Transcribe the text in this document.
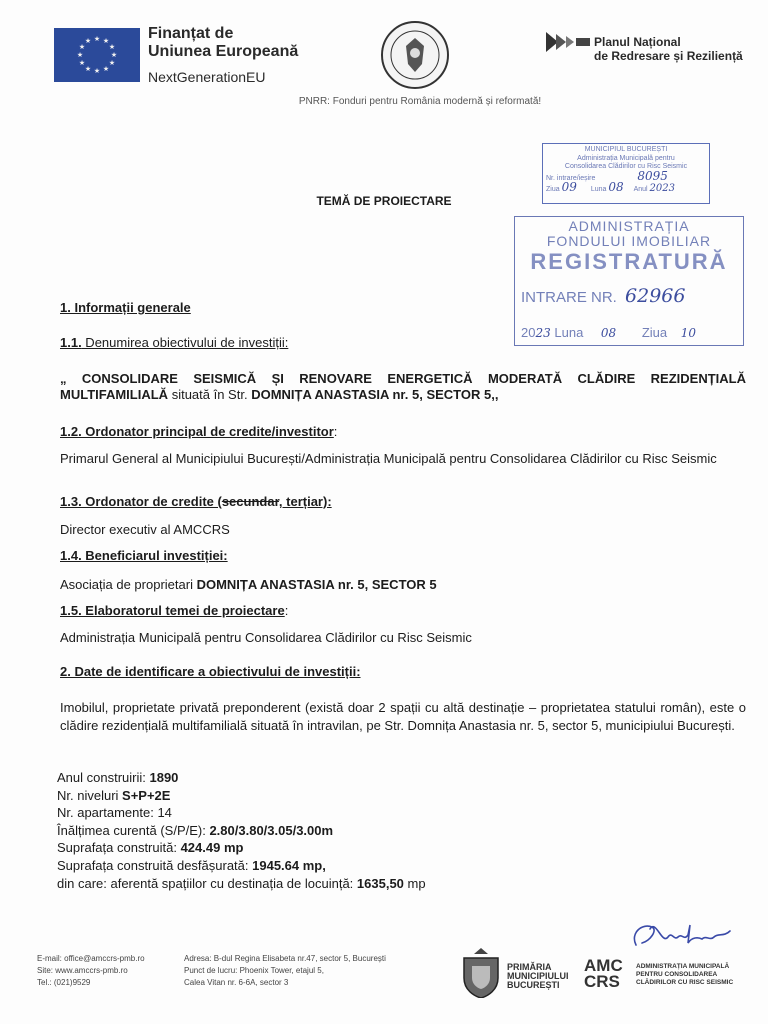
★ ★
★
★
★
★
★
★
★
★
★
★	Finanțat de
Uniunea Europeană
NextGenerationEU
Planul Național
de Redresare și Reziliență
PNRR: Fonduri pentru România modernă și reformată!
MUNICIPIUL BUCUREȘTI
Administrația Municipală pentru
Consolidarea Clădirilor cu Risc Seismic
Nr. intrare/ieșire	8095
Ziua 09 Luna 08 Anul 2023
ADMINISTRAȚIA
FONDULUI IMOBILIAR
REGISTRATURĂ
INTRARE NR. 62966
2023 Luna 08 Ziua 10
TEMĂ DE PROIECTARE
1. Informații generale
1.1. Denumirea obiectivului de investiții:
„ CONSOLIDARE SEISMICĂ ȘI RENOVARE ENERGETICĂ MODERATĂ CLĂDIRE REZIDENȚIALĂ
MULTIFAMILIALĂ situată în Str. DOMNIȚA ANASTASIA nr. 5, SECTOR 5,,
1.2. Ordonator principal de credite/investitor:
Primarul General al Municipiului București/Administrația Municipală pentru Consolidarea Clădirilor cu Risc Seismic
1.3. Ordonator de credite (secundar, terțiar):
Director executiv al AMCCRS
1.4. Beneficiarul investiției:
Asociația de proprietari DOMNIȚA ANASTASIA nr. 5, SECTOR 5
1.5. Elaboratorul temei de proiectare:
Administrația Municipală pentru Consolidarea Clădirilor cu Risc Seismic
2. Date de identificare a obiectivului de investiții:
Imobilul, proprietate privată preponderent (există doar 2 spații cu altă destinație – proprietatea statului român), este o clădire rezidențială multifamilială situată în intravilan, pe Str. Domnița Anastasia nr. 5, sector 5, municipiului București.
Anul construirii: 1890
Nr. niveluri S+P+2E
Nr. apartamente: 14
Înălțimea curentă (S/P/E): 2.80/3.80/3.05/3.00m
Suprafața construită: 424.49 mp
Suprafața construită desfășurată: 1945.64 mp,
din care: aferentă spațiilor cu destinația de locuință: 1635,50 mp
E-mail: office@amccrs-pmb.ro
Site: www.amccrs-pmb.ro
Tel.: (021)9529
Adresa: B-dul Regina Elisabeta nr.47, sector 5, București
Punct de lucru: Phoenix Tower, etajul 5,
Calea Vitan nr. 6-6A, sector 3
PRIMĂRIA
MUNICIPIULUI
BUCUREȘTI
AMC
CRS
ADMINISTRAȚIA MUNICIPALĂ
PENTRU CONSOLIDAREA
CLĂDIRILOR CU RISC SEISMIC
